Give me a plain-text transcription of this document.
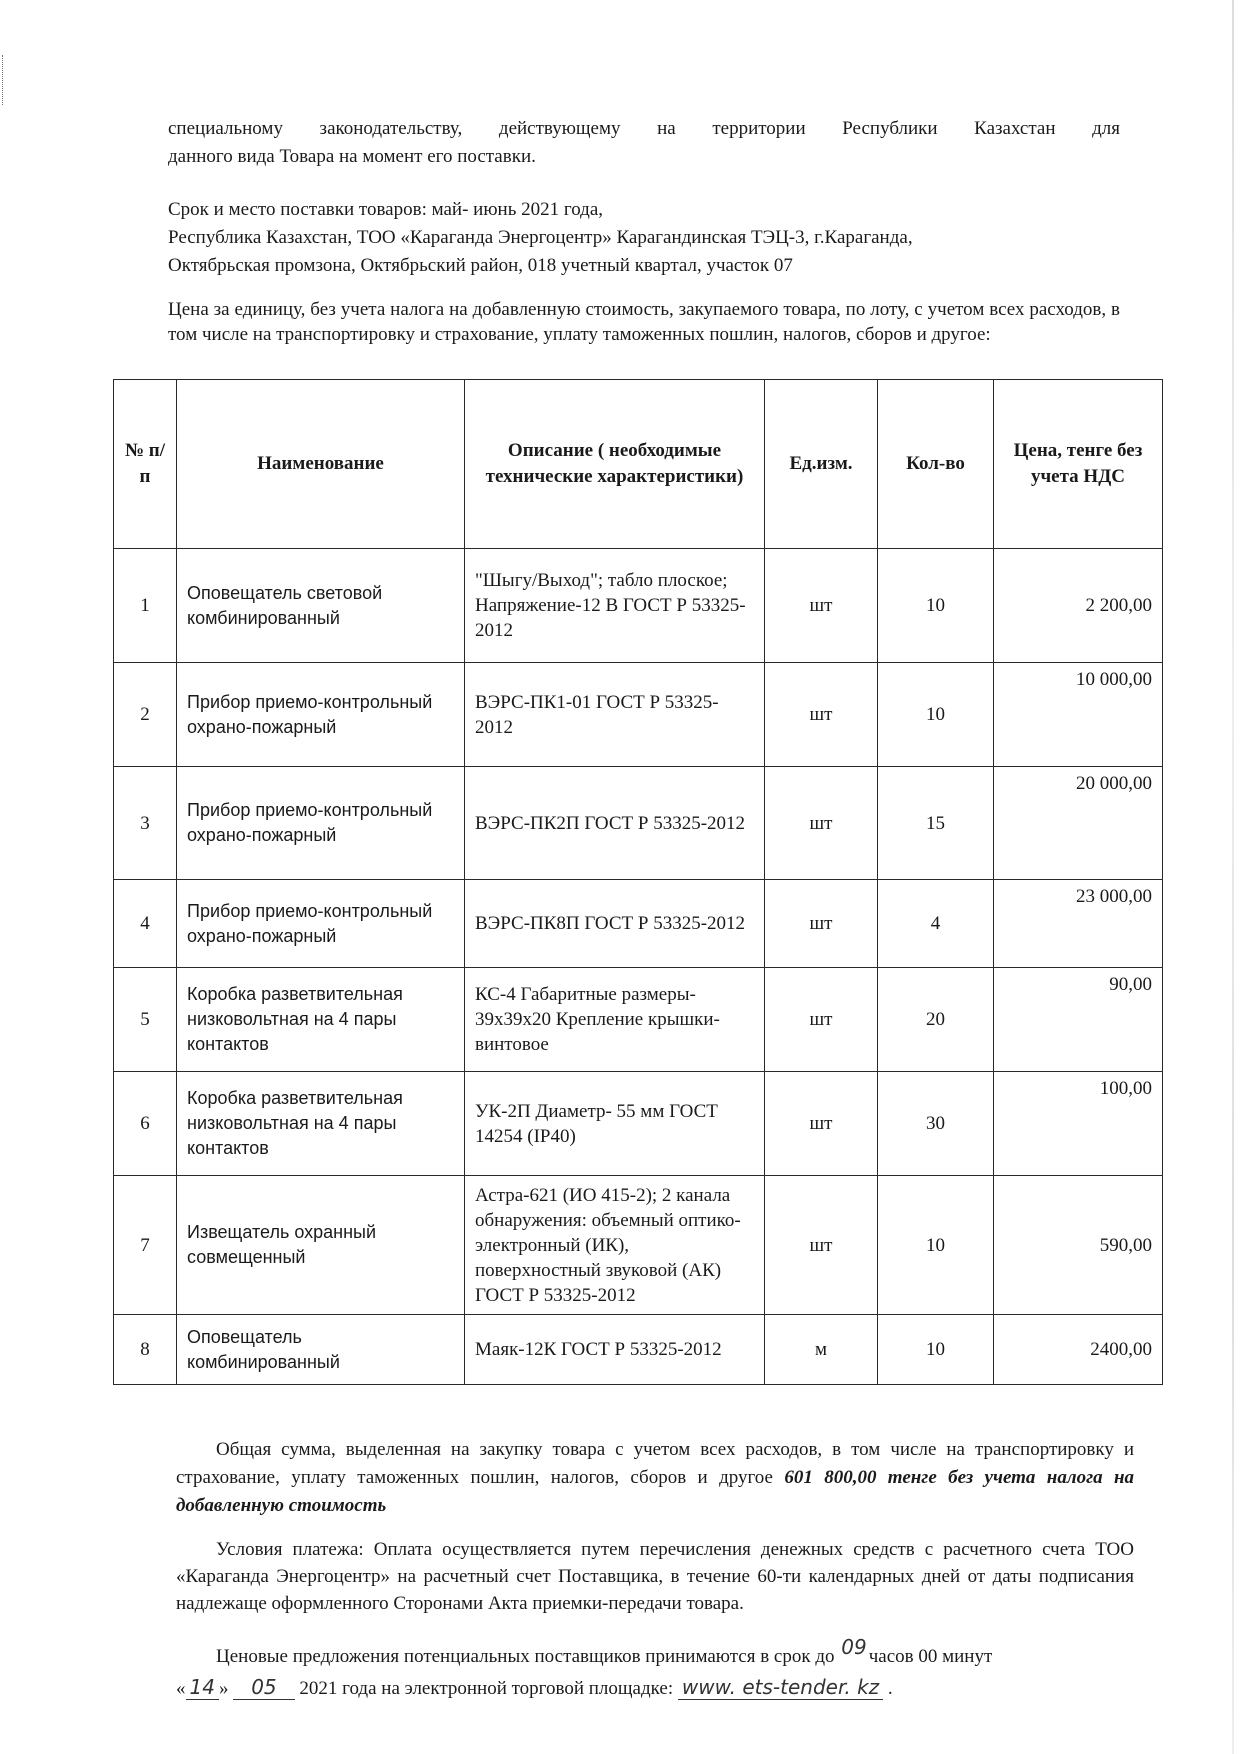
специальному законодательству, действующему на территории Республики Казахстан для

данного вида Товара на момент его поставки.

Срок и место поставки товаров: май- июнь 2021 года,

Республика Казахстан, ТОО «Караганда Энергоцентр» Карагандинская ТЭЦ-3, г.Караганда,

Октябрьская промзона, Октябрьский район, 018 учетный квартал, участок 07

Цена за единицу, без учета налога на добавленную стоимость, закупаемого товара, по лоту, с учетом всех расходов, в том числе на транспортировку и страхование, уплату таможенных пошлин, налогов, сборов и другое:
№ п/п	Наименование	Описание ( необходимые технические характеристики)	Ед.изм.	Кол-во	Цена, тенге без учета НДС
1	Оповещатель световой комбинированный	"Шыгу/Выход"; табло плоское; Напряжение-12 В ГОСТ Р 53325-2012	шт	10	2 200,00
2	Прибор приемо-контрольный охрано-пожарный	ВЭРС-ПК1-01 ГОСТ Р 53325-2012	шт	10	10 000,00
3	Прибор приемо-контрольный охрано-пожарный	ВЭРС-ПК2П ГОСТ Р 53325-2012	шт	15	20 000,00
4	Прибор приемо-контрольный охрано-пожарный	ВЭРС-ПК8П ГОСТ Р 53325-2012	шт	4	23 000,00
5	Коробка разветвительная низковольтная на 4 пары контактов	КС-4 Габаритные размеры- 39х39х20 Крепление крышки- винтовое	шт	20	90,00
6	Коробка разветвительная низковольтная на 4 пары контактов	УК-2П Диаметр- 55 мм ГОСТ 14254 (IP40)	шт	30	100,00
7	Извещатель охранный совмещенный	Астра-621 (ИО 415-2); 2 канала обнаружения: объемный оптико-электронный (ИК), поверхностный звуковой (АК) ГОСТ Р 53325-2012	шт	10	590,00
8	Оповещатель комбинированный	Маяк-12К ГОСТ Р 53325-2012	м	10	2400,00
Общая сумма, выделенная на закупку товара с учетом всех расходов, в том числе на транспортировку и страхование, уплату таможенных пошлин, налогов, сборов и другое 601 800,00 тенге без учета налога на добавленную стоимость
Условия платежа: Оплата осуществляется путем перечисления денежных средств с расчетного счета ТОО «Караганда Энергоцентр» на расчетный счет Поставщика, в течение 60-ти календарных дней от даты подписания надлежаще оформленного Сторонами Акта приемки-передачи товара.
Ценовые предложения потенциальных поставщиков принимаются в срок до 09 часов 00 минут
« 14 » 05 2021 года на электронной торговой площадке: www. ets-tender. kz .
